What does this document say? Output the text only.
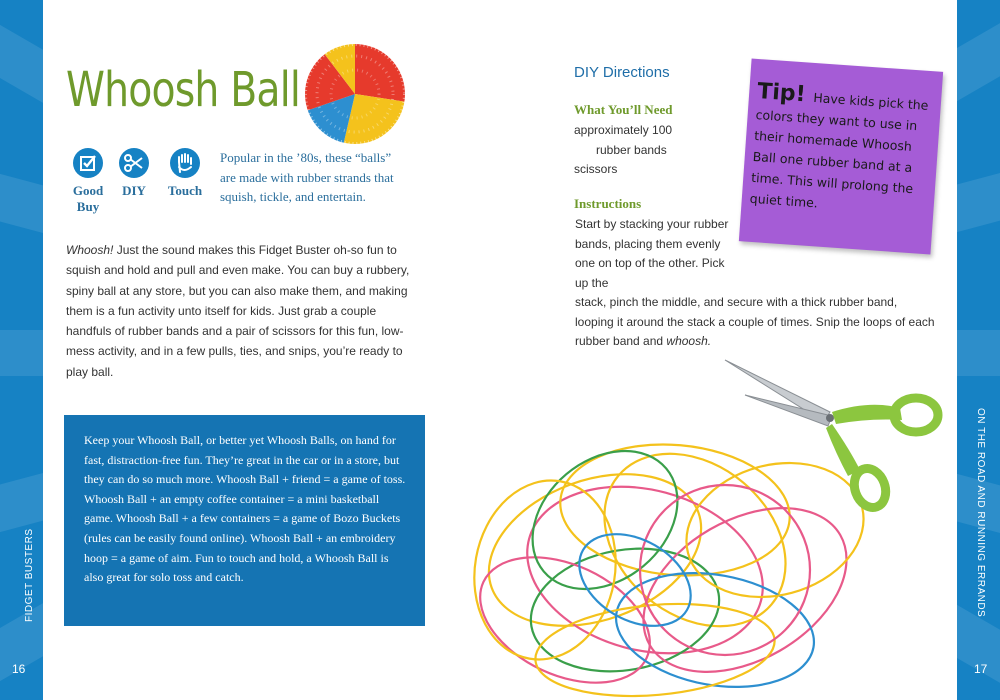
FIDGET BUSTERS	ON THE ROAD AND RUNNING ERRANDS
16	17
Whoosh Ball
Good
Buy
DIY	Touch
Popular in the ’80s, these “balls” are made with rubber strands that squish, tickle, and entertain.
Whoosh! Just the sound makes this Fidget Buster oh-so fun to squish and hold and pull and even make. You can buy a rubbery, spiny ball at any store, but you can also make them, and making them is a fun activity unto itself for kids. Just grab a couple handfuls of rubber bands and a pair of scissors for this fun, low-mess activity, and in a few pulls, ties, and snips, you’re ready to play ball.
Keep your Whoosh Ball, or better yet Whoosh Balls, on hand for fast, distraction-free fun. They’re great in the car or in a store, but they can do so much more. Whoosh Ball + friend = a game of toss. Whoosh Ball + an empty coffee container = a mini basketball game. Whoosh Ball + a few containers = a game of Bozo Buckets (rules can be easily found online). Whoosh Ball + an embroidery hoop = a game of aim. Fun to touch and hold, a Whoosh Ball is also great for solo toss and catch.
DIY Directions
What You’ll Need
approximately 100
rubber bands
scissors
Instructions
Start by stacking your rubber bands, placing them evenly one on top of the other. Pick up the
stack, pinch the middle, and secure with a thick rubber band, looping it around the stack a couple of times. Snip the loops of each rubber band and whoosh.
Tip! Have kids pick the colors they want to use in their homemade Whoosh Ball one rubber band at a time. This will prolong the quiet time.
